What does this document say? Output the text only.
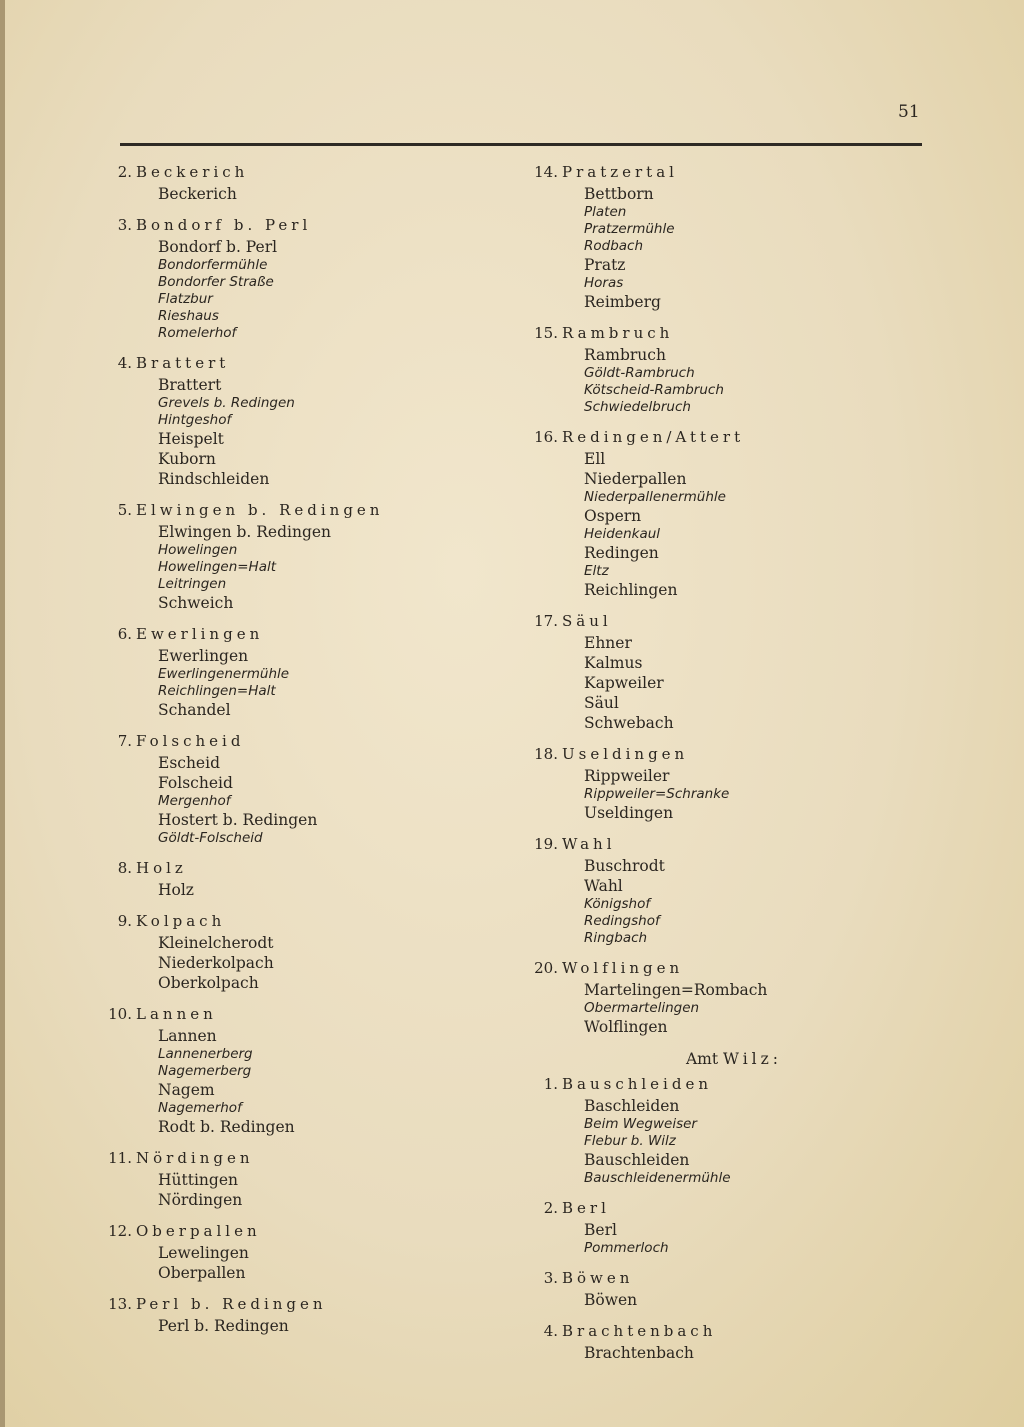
51
2. Beckerich
Beckerich
3. Bondorf b. Perl
Bondorf b. Perl
Bondorfermühle
Bondorfer Straße
Flatzbur
Rieshaus
Romelerhof
4. Brattert
Brattert
Grevels b. Redingen
Hintgeshof
Heispelt
Kuborn
Rindschleiden
5. Elwingen b. Redingen
Elwingen b. Redingen
Howelingen
Howelingen=Halt
Leitringen
Schweich
6. Ewerlingen
Ewerlingen
Ewerlingenermühle
Reichlingen=Halt
Schandel
7. Folscheid
Escheid
Folscheid
Mergenhof
Hostert b. Redingen
Göldt-Folscheid
8. Holz
Holz
9. Kolpach
Kleinelcherodt
Niederkolpach
Oberkolpach
10. Lannen
Lannen
Lannenerberg
Nagemerberg
Nagem
Nagemerhof
Rodt b. Redingen
11. Nördingen
Hüttingen
Nördingen
12. Oberpallen
Lewelingen
Oberpallen
13. Perl b. Redingen
Perl b. Redingen
14. Pratzertal
Bettborn
Platen
Pratzermühle
Rodbach
Pratz
Horas
Reimberg
15. Rambruch
Rambruch
Göldt-Rambruch
Kötscheid-Rambruch
Schwiedelbruch
16. Redingen/Attert
Ell
Niederpallen
Niederpallenermühle
Ospern
Heidenkaul
Redingen
Eltz
Reichlingen
17. Säul
Ehner
Kalmus
Kapweiler
Säul
Schwebach
18. Useldingen
Rippweiler
Rippweiler=Schranke
Useldingen
19. Wahl
Buschrodt
Wahl
Königshof
Redingshof
Ringbach
20. Wolflingen
Martelingen=Rombach
Obermartelingen
Wolflingen
Amt Wilz:
1. Bauschleiden
Baschleiden
Beim Wegweiser
Flebur b. Wilz
Bauschleiden
Bauschleidenermühle
2. Berl
Berl
Pommerloch
3. Böwen
Böwen
4. Brachtenbach
Brachtenbach
